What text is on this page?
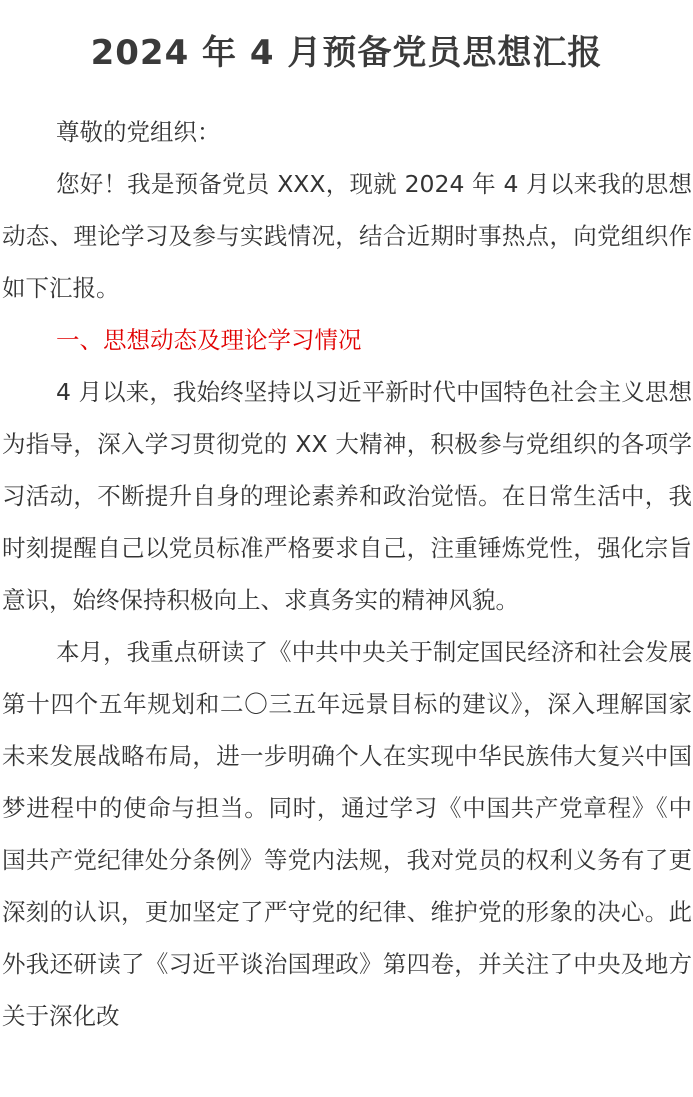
2024 年 4 月预备党员思想汇报

尊敬的党组织：

您好！我是预备党员 XXX，现就 2024 年 4 月以来我的思想动态、理论学习及参与实践情况，结合近期时事热点，向党组织作如下汇报。

一、思想动态及理论学习情况

4 月以来，我始终坚持以习近平新时代中国特色社会主义思想为指导，深入学习贯彻党的 XX 大精神，积极参与党组织的各项学习活动，不断提升自身的理论素养和政治觉悟。在日常生活中，我时刻提醒自己以党员标准严格要求自己，注重锤炼党性，强化宗旨意识，始终保持积极向上、求真务实的精神风貌。

本月，我重点研读了《中共中央关于制定国民经济和社会发展第十四个五年规划和二〇三五年远景目标的建议》，深入理解国家未来发展战略布局，进一步明确个人在实现中华民族伟大复兴中国梦进程中的使命与担当。同时，通过学习《中国共产党章程》《中国共产党纪律处分条例》等党内法规，我对党员的权利义务有了更深刻的认识，更加坚定了严守党的纪律、维护党的形象的决心。此外我还研读了《习近平谈治国理政》第四卷，并关注了中央及地方关于深化改
